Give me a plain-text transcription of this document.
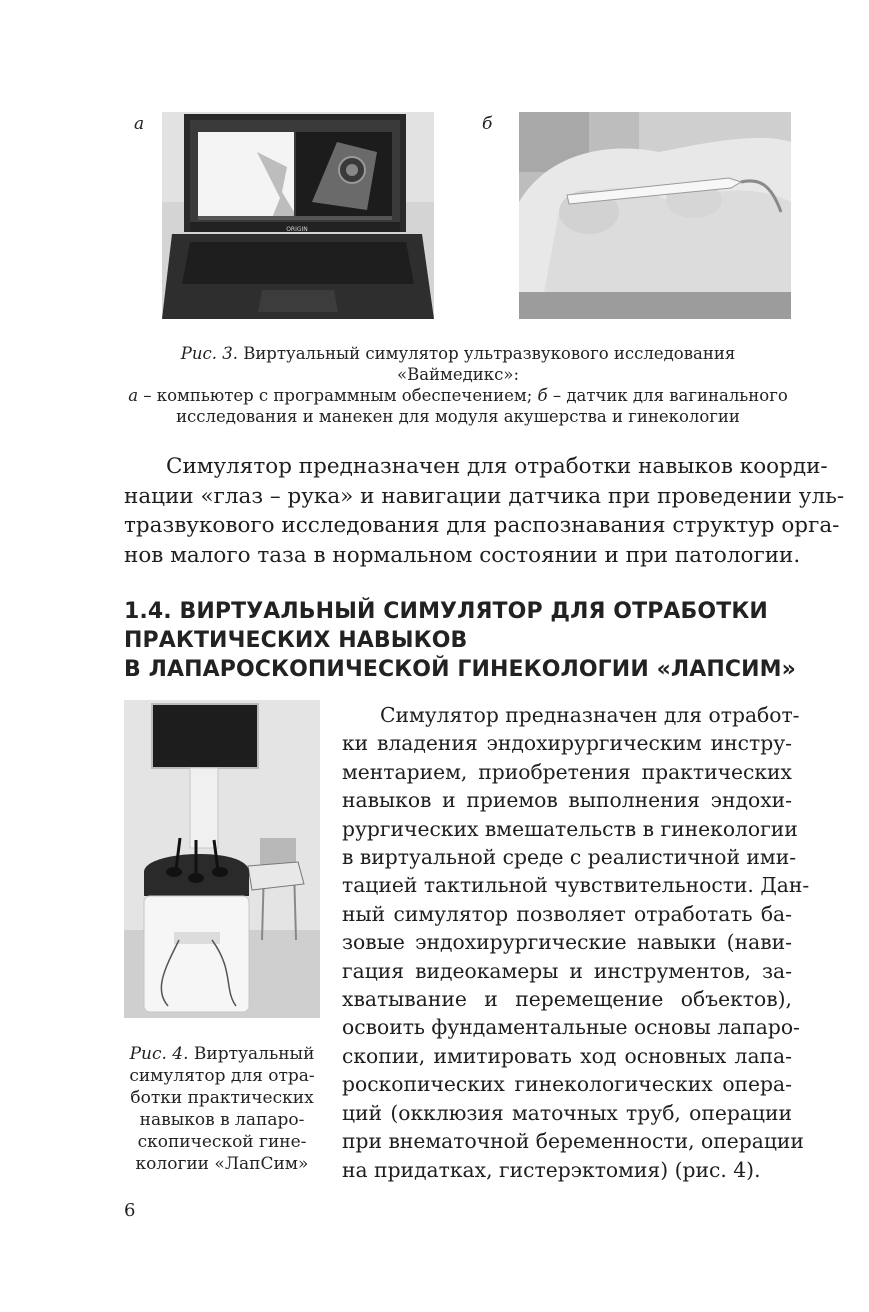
а
ORIGIN
б
Рис. 3. Виртуальный симулятор ультразвукового исследования
«Ваймедикс»:
а – компьютер с программным обеспечением; б – датчик для вагинального
исследования и манекен для модуля акушерства и гинекологии
Симулятор предназначен для отработки навыков коорди-
нации «глаз – рука» и навигации датчика при проведении уль-
тразвукового исследования для распознавания структур орга-
нов малого таза в нормальном состоянии и при патологии.
1.4. ВИРТУАЛЬНЫЙ СИМУЛЯТОР ДЛЯ ОТРАБОТКИ
ПРАКТИЧЕСКИХ НАВЫКОВ
В ЛАПАРОСКОПИЧЕСКОЙ ГИНЕКОЛОГИИ «ЛАПСИМ»
Рис. 4. Виртуальный
симулятор для отра-
ботки практических
навыков в лапаро-
скопической гине-
кологии «ЛапСим»
Симулятор предназначен для отработ-
ки владения эндохирургическим инстру-
ментарием, приобретения практических
навыков и приемов выполнения эндохи-
рургических вмешательств в гинекологии
в виртуальной среде с реалистичной ими-
тацией тактильной чувствительности. Дан-
ный симулятор позволяет отработать ба-
зовые эндохирургические навыки (нави-
гация видеокамеры и инструментов, за-
хватывание и перемещение объектов),
освоить фундаментальные основы лапаро-
скопии, имитировать ход основных лапа-
роскопических гинекологических опера-
ций (окклюзия маточных труб, операции
при внематочной беременности, операции
на придатках, гистерэктомия) (рис. 4).
6
